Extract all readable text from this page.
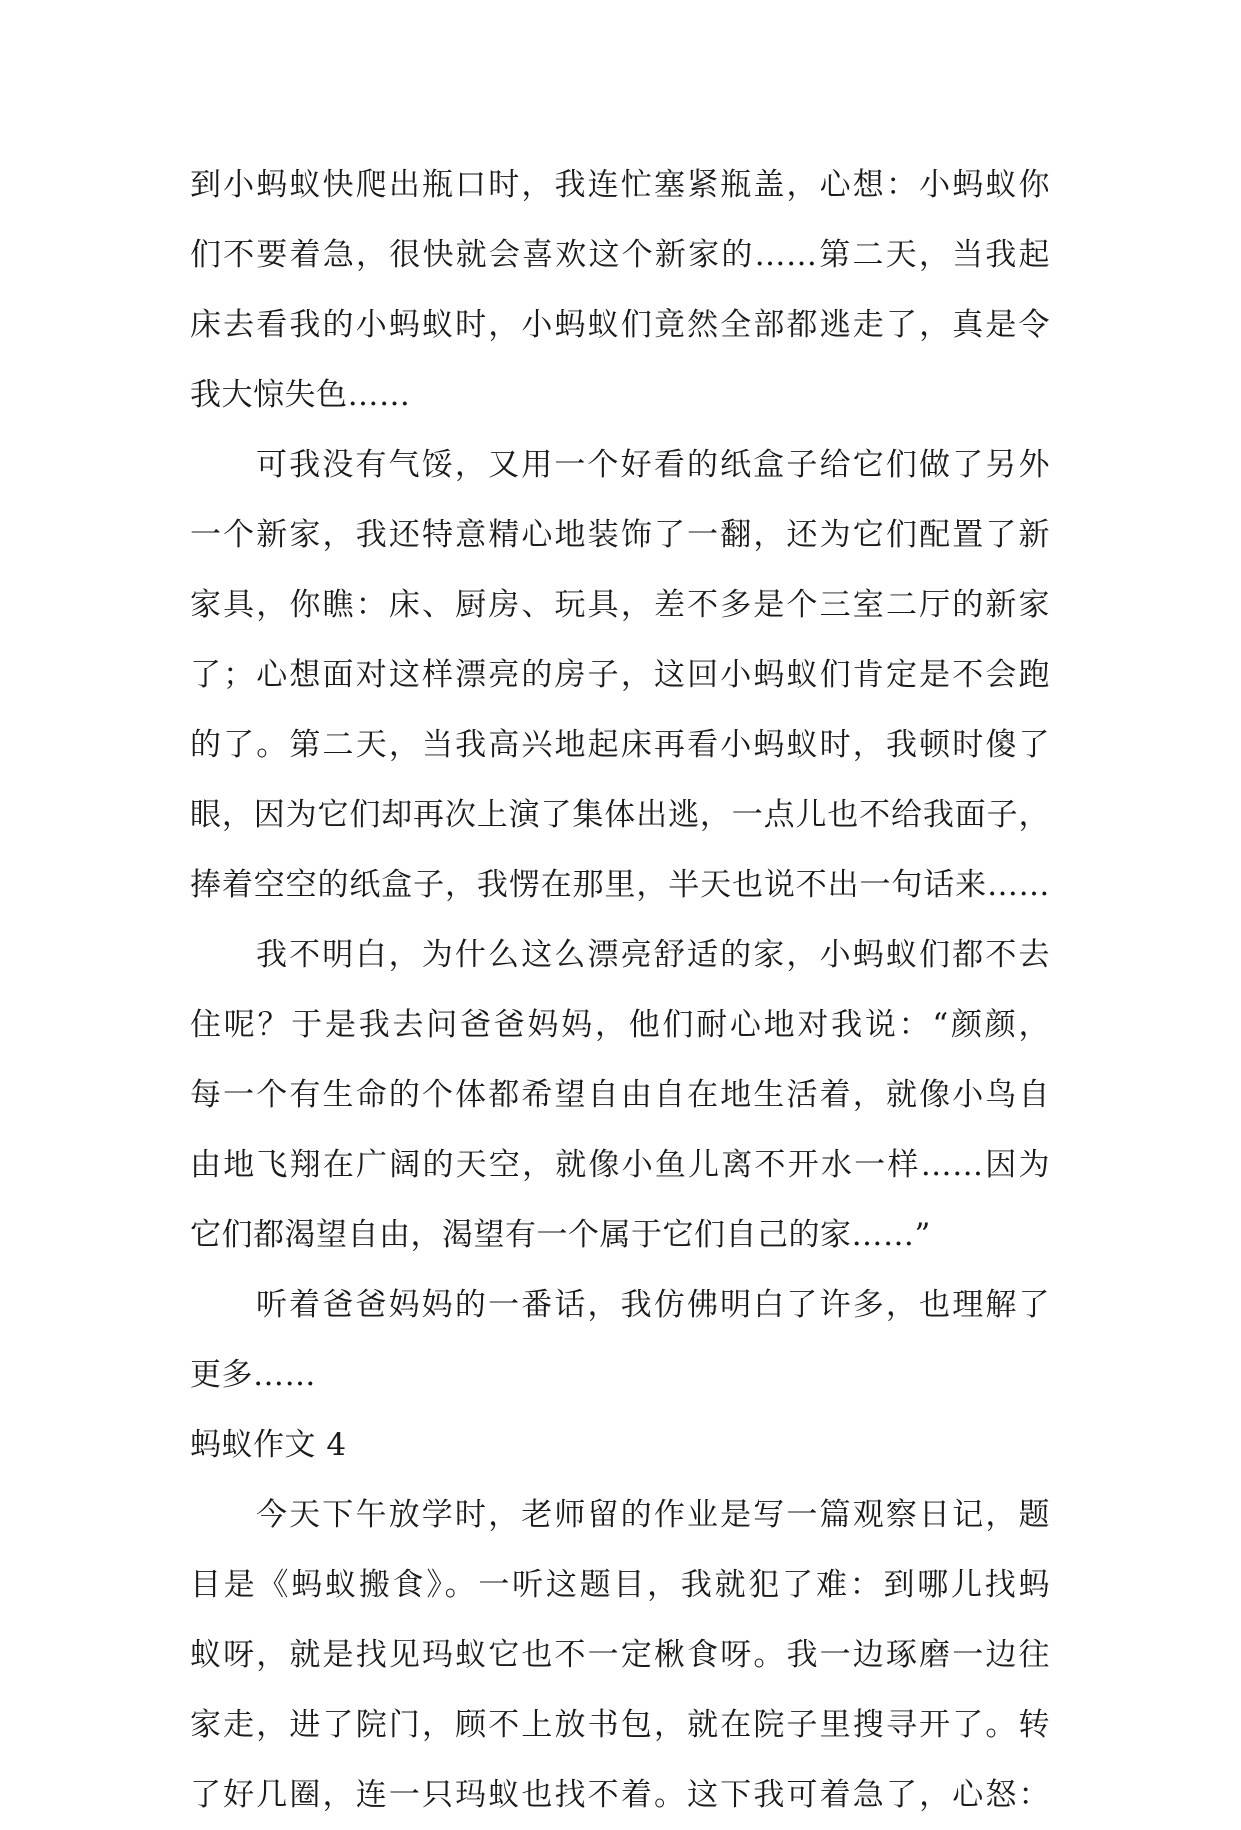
到小蚂蚁快爬出瓶口时，我连忙塞紧瓶盖，心想：小蚂蚁你
们不要着急，很快就会喜欢这个新家的……第二天，当我起
床去看我的小蚂蚁时，小蚂蚁们竟然全部都逃走了，真是令
我大惊失色……
可我没有气馁，又用一个好看的纸盒子给它们做了另外
一个新家，我还特意精心地装饰了一翻，还为它们配置了新
家具，你瞧：床、厨房、玩具，差不多是个三室二厅的新家
了；心想面对这样漂亮的房子，这回小蚂蚁们肯定是不会跑
的了。第二天，当我高兴地起床再看小蚂蚁时，我顿时傻了
眼，因为它们却再次上演了集体出逃，一点儿也不给我面子，
捧着空空的纸盒子，我愣在那里，半天也说不出一句话来……
我不明白，为什么这么漂亮舒适的家，小蚂蚁们都不去
住呢？于是我去问爸爸妈妈，他们耐心地对我说：“颜颜，
每一个有生命的个体都希望自由自在地生活着，就像小鸟自
由地飞翔在广阔的天空，就像小鱼儿离不开水一样……因为
它们都渴望自由，渴望有一个属于它们自己的家……”
听着爸爸妈妈的一番话，我仿佛明白了许多，也理解了
更多……
蚂蚁作文 4
今天下午放学时，老师留的作业是写一篇观察日记，题
目是《蚂蚁搬食》。一听这题目，我就犯了难：到哪儿找蚂
蚁呀，就是找见玛蚁它也不一定楸食呀。我一边琢磨一边往
家走，进了院门，顾不上放书包，就在院子里搜寻开了。转
了好几圈，连一只玛蚁也找不着。这下我可着急了，心怒：
